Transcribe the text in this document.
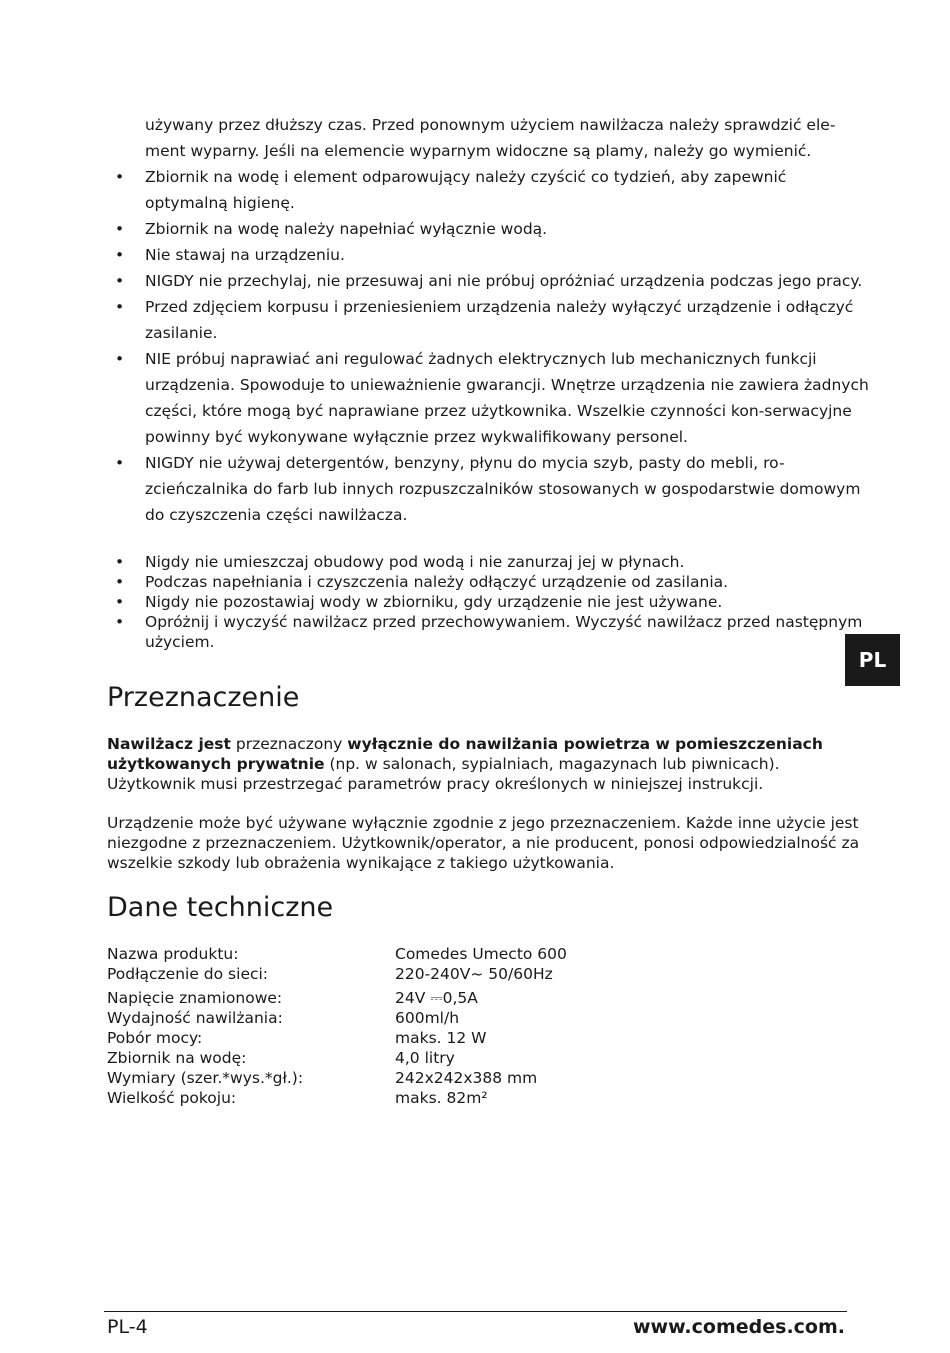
używany przez dłuższy czas. Przed ponownym użyciem nawilżacza należy sprawdzić ele-ment wyparny. Jeśli na elemencie wyparnym widoczne są plamy, należy go wymienić.

• Zbiornik na wodę i element odparowujący należy czyścić co tydzień, aby zapewnić optymalną higienę.
• Zbiornik na wodę należy napełniać wyłącznie wodą.
• Nie stawaj na urządzeniu.
• NIGDY nie przechylaj, nie przesuwaj ani nie próbuj opróżniać urządzenia podczas jego pracy.
• Przed zdjęciem korpusu i przeniesieniem urządzenia należy wyłączyć urządzenie i odłączyć zasilanie.
• NIE próbuj naprawiać ani regulować żadnych elektrycznych lub mechanicznych funkcji urządzenia. Spowoduje to unieważnienie gwarancji. Wnętrze urządzenia nie zawiera żadnych części, które mogą być naprawiane przez użytkownika. Wszelkie czynności kon-serwacyjne powinny być wykonywane wyłącznie przez wykwalifikowany personel.
• NIGDY nie używaj detergentów, benzyny, płynu do mycia szyb, pasty do mebli, ro-zcieńczalnika do farb lub innych rozpuszczalników stosowanych w gospodarstwie domowym do czyszczenia części nawilżacza.
• Nigdy nie umieszczaj obudowy pod wodą i nie zanurzaj jej w płynach.
• Podczas napełniania i czyszczenia należy odłączyć urządzenie od zasilania.
• Nigdy nie pozostawiaj wody w zbiorniku, gdy urządzenie nie jest używane.
• Opróżnij i wyczyść nawilżacz przed przechowywaniem. Wyczyść nawilżacz przed następnym użyciem.
PL
Przeznaczenie

Nawilżacz jest przeznaczony wyłącznie do nawilżania powietrza w pomieszczeniach użytkowanych prywatnie (np. w salonach, sypialniach, magazynach lub piwnicach). Użytkownik musi przestrzegać parametrów pracy określonych w niniejszej instrukcji.

Urządzenie może być używane wyłącznie zgodnie z jego przeznaczeniem. Każde inne użycie jest niezgodne z przeznaczeniem. Użytkownik/operator, a nie producent, ponosi odpowiedzialność za wszelkie szkody lub obrażenia wynikające z takiego użytkowania.

Dane techniczne
Nazwa produktu:	Comedes Umecto 600
Podłączenie do sieci:	220-240V~ 50/60Hz
Napięcie znamionowe:	24V ⎓0,5A
Wydajność nawilżania:	600ml/h
Pobór mocy:	maks. 12 W
Zbiornik na wodę:	4,0 litry
Wymiary (szer.*wys.*gł.):	242x242x388 mm
Wielkość pokoju:	maks. 82m²
PL-4	www.comedes.com.
